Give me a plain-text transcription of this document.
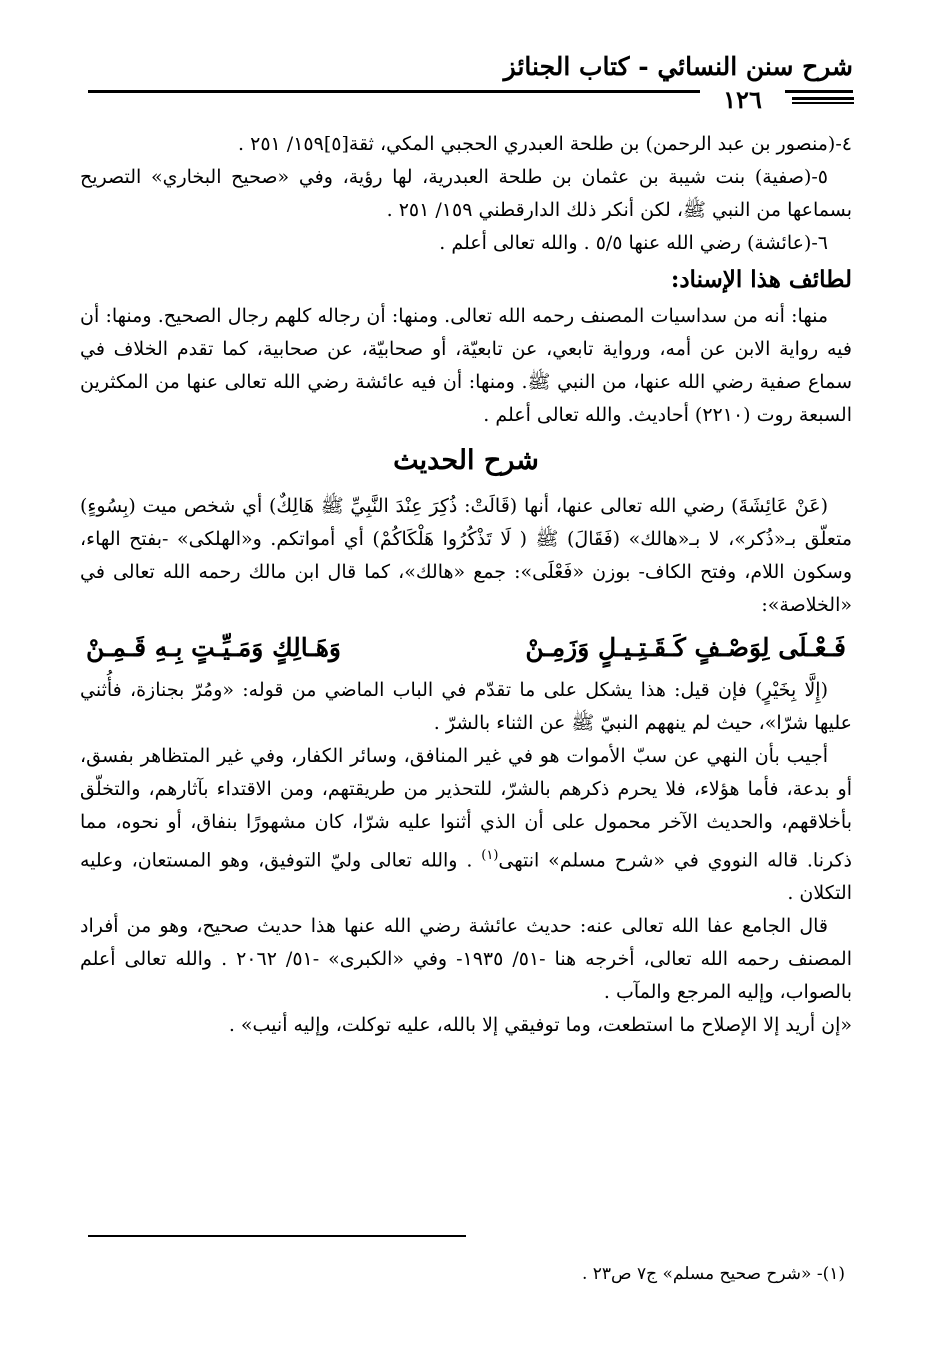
شرح سنن النسائي - كتاب الجنائز
١٢٦

٤-(منصور بن عبد الرحمن) بن طلحة العبدري الحجبي المكي، ثقة[٥]١٥٩/ ٢٥١ .

٥-(صفية) بنت شيبة بن عثمان بن طلحة العبدرية، لها رؤية، وفي «صحيح البخاري» التصريح بسماعها من النبي ﷺ، لكن أنكر ذلك الدارقطني ١٥٩/ ٢٥١ .

٦-(عائشة) رضي الله عنها ٥/٥ . والله تعالى أعلم .

لطائف هذا الإسناد:

منها: أنه من سداسيات المصنف رحمه الله تعالى. ومنها: أن رجاله كلهم رجال الصحيح. ومنها: أن فيه رواية الابن عن أمه، ورواية تابعي، عن تابعيّة، أو صحابيّة، عن صحابية، كما تقدم الخلاف في سماع صفية رضي الله عنها، من النبي ﷺ. ومنها: أن فيه عائشة رضي الله تعالى عنها من المكثرين السبعة روت (٢٢١٠) أحاديث. والله تعالى أعلم .

شرح الحديث

(عَنْ عَائِشَةَ) رضي الله تعالى عنها، أنها (قَالَتْ: ذُكِرَ عِنْدَ النَّبِيِّ ﷺ هَالِكٌ) أي شخص ميت (بِسُوءٍ) متعلّق بـ«ذُكر»، لا بـ«هالك» (فَقَالَ) ﷺ ( لَا تَذْكُرُوا هَلْكَاكُمْ) أي أمواتكم. و«الهلكى» -بفتح الهاء، وسكون اللام، وفتح الكاف- بوزن «فَعْلَى»: جمع «هالك»، كما قال ابن مالك رحمه الله تعالى في «الخلاصة»:

فَـعْـلَى لِوَصْـفٍ كَـقَـتِـيـلٍ وَزَمِـنْ
وَهَـالِكٍ وَمَـيِّـتٍ بِـهِ قَـمِـنْ

(إِلَّا بِخَيْرٍ) فإن قيل: هذا يشكل على ما تقدّم في الباب الماضي من قوله: «ومُرّ بجنازة، فأُثني عليها شرّا»، حيث لم ينههم النبيّ ﷺ عن الثناء بالشرّ .

أجيب بأن النهي عن سبّ الأموات هو في غير المنافق، وسائر الكفار، وفي غير المتظاهر بفسق، أو بدعة، فأما هؤلاء، فلا يحرم ذكرهم بالشرّ، للتحذير من طريقتهم، ومن الاقتداء بآثارهم، والتخلّق بأخلاقهم، والحديث الآخر محمول على أن الذي أثنوا عليه شرّا، كان مشهورًا بنفاق، أو نحوه، مما ذكرنا. قاله النووي في «شرح مسلم» انتهى$^{(١)}$ . والله تعالى وليّ التوفيق، وهو المستعان، وعليه التكلان .

قال الجامع عفا الله تعالى عنه: حديث عائشة رضي الله عنها هذا حديث صحيح، وهو من أفراد المصنف رحمه الله تعالى، أخرجه هنا -٥١/ ١٩٣٥- وفي «الكبرى» -٥١/ ٢٠٦٢ . والله تعالى أعلم بالصواب، وإليه المرجع والمآب .

«إن أريد إلا الإصلاح ما استطعت، وما توفيقي إلا بالله، عليه توكلت، وإليه أنيب» .

(١)- «شرح صحيح مسلم» ج٧ ص٢٣ .
